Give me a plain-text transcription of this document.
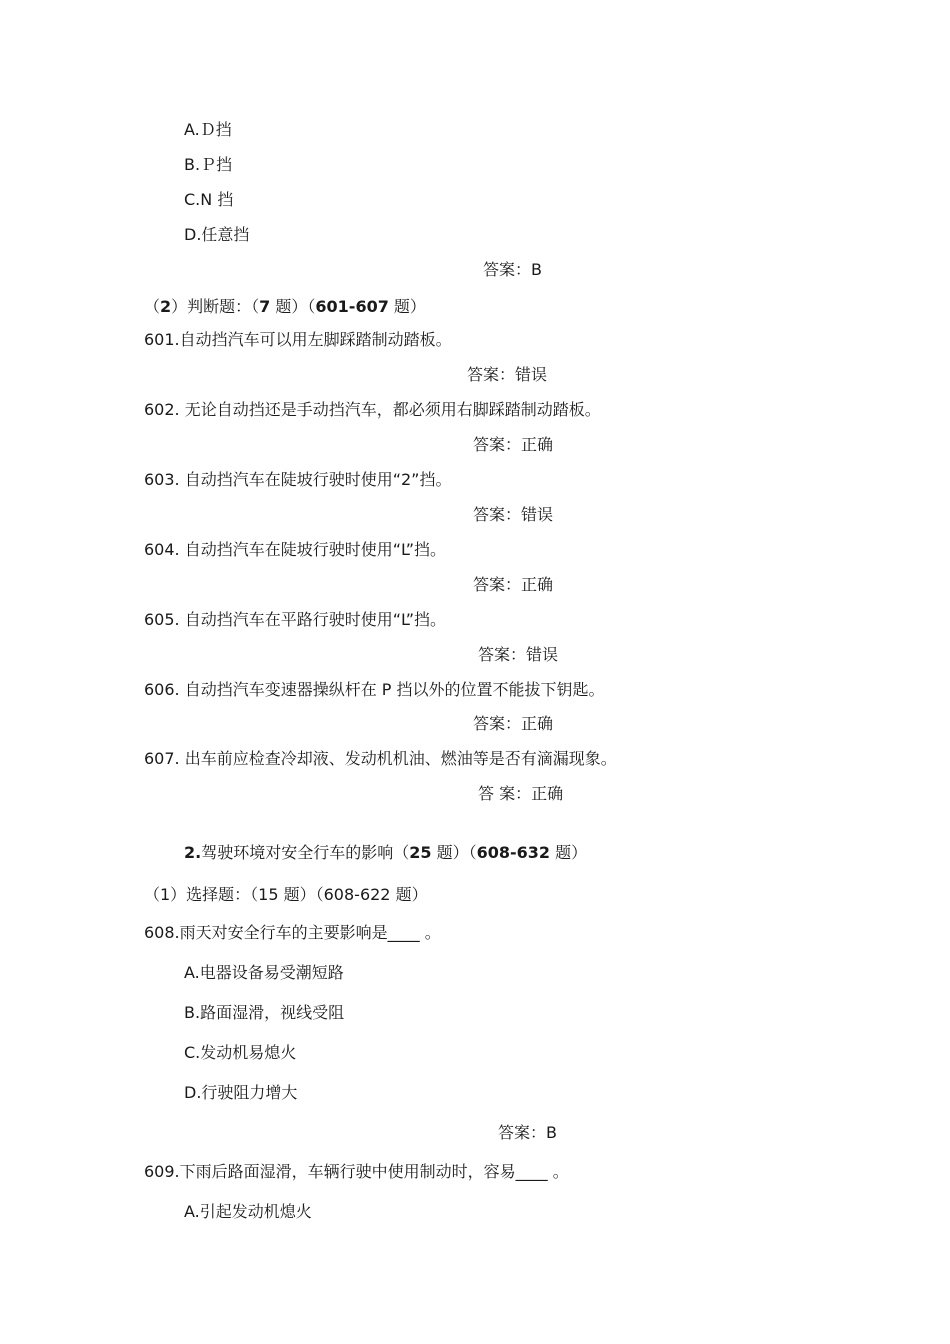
A.Ｄ挡
B.Ｐ挡
C.N 挡
D.任意挡
答案：B
（2）判断题：（7 题）（601-607 题）
601.自动挡汽车可以用左脚踩踏制动踏板。
答案：错误
602. 无论自动挡还是手动挡汽车，都必须用右脚踩踏制动踏板。
答案：正确
603. 自动挡汽车在陡坡行驶时使用“2”挡。
答案：错误
604. 自动挡汽车在陡坡行驶时使用“L”挡。
答案：正确
605. 自动挡汽车在平路行驶时使用“L”挡。
答案：错误
606. 自动挡汽车变速器操纵杆在 P 挡以外的位置不能拔下钥匙。
答案：正确
607. 出车前应检查冷却液、发动机机油、燃油等是否有滴漏现象。
答 案：正确
2.驾驶环境对安全行车的影响（25 题）（608-632 题）
（1）选择题：（15 题）（608-622 题）
608.雨天对安全行车的主要影响是____ 。
A.电器设备易受潮短路
B.路面湿滑，视线受阻
C.发动机易熄火
D.行驶阻力增大
答案：B
609.下雨后路面湿滑，车辆行驶中使用制动时，容易____ 。
A.引起发动机熄火
